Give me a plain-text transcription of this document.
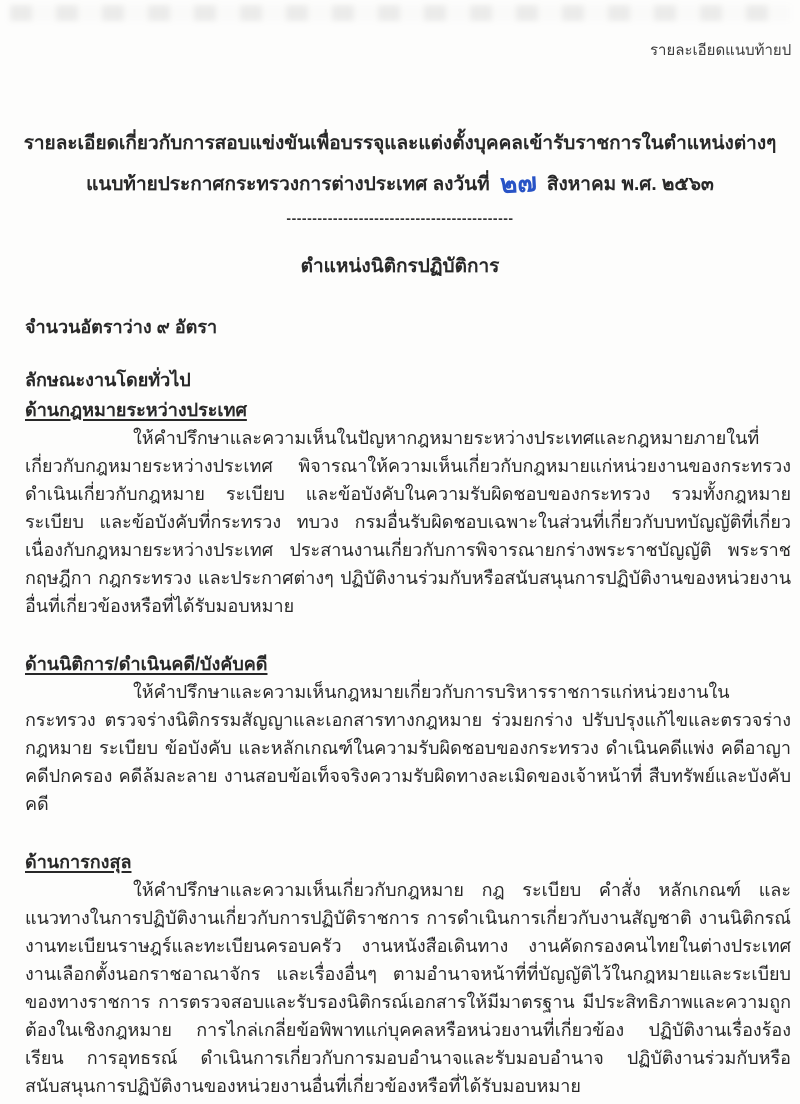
รายละเอียดแนบท้ายป
รายละเอียดเกี่ยวกับการสอบแข่งขันเพื่อบรรจุและแต่งตั้งบุคคลเข้ารับราชการในตำแหน่งต่างๆ
แนบท้ายประกาศกระทรวงการต่างประเทศ ลงวันที่ ๒๗ สิงหาคม พ.ศ. ๒๕๖๓
--------------------------------------------
ตำแหน่งนิติกรปฏิบัติการ
จำนวนอัตราว่าง ๙ อัตรา
ลักษณะงานโดยทั่วไป
ด้านกฎหมายระหว่างประเทศ

ให้คำปรึกษาและความเห็นในปัญหากฎหมายระหว่างประเทศและกฎหมายภายในที่เกี่ยวกับกฎหมายระหว่างประเทศ พิจารณาให้ความเห็นเกี่ยวกับกฎหมายแก่หน่วยงานของกระทรวง ดำเนินเกี่ยวกับกฎหมาย ระเบียบ และข้อบังคับในความรับผิดชอบของกระทรวง รวมทั้งกฎหมาย ระเบียบ และข้อบังคับที่กระทรวง ทบวง กรมอื่นรับผิดชอบเฉพาะในส่วนที่เกี่ยวกับบทบัญญัติที่เกี่ยวเนื่องกับกฎหมายระหว่างประเทศ ประสานงานเกี่ยวกับการพิจารณายกร่างพระราชบัญญัติ พระราชกฤษฎีกา กฎกระทรวง และประกาศต่างๆ ปฏิบัติงานร่วมกับหรือสนับสนุนการปฏิบัติงานของหน่วยงานอื่นที่เกี่ยวข้องหรือที่ได้รับมอบหมาย

ด้านนิติการ/ดำเนินคดี/บังคับคดี

ให้คำปรึกษาและความเห็นกฎหมายเกี่ยวกับการบริหารราชการแก่หน่วยงานในกระทรวง ตรวจร่างนิติกรรมสัญญาและเอกสารทางกฎหมาย ร่วมยกร่าง ปรับปรุงแก้ไขและตรวจร่างกฎหมาย ระเบียบ ข้อบังคับ และหลักเกณฑ์ในความรับผิดชอบของกระทรวง ดำเนินคดีแพ่ง คดีอาญา คดีปกครอง คดีล้มละลาย งานสอบข้อเท็จจริงความรับผิดทางละเมิดของเจ้าหน้าที่ สืบทรัพย์และบังคับคดี

ด้านการกงสุล

ให้คำปรึกษาและความเห็นเกี่ยวกับกฎหมาย กฎ ระเบียบ คำสั่ง หลักเกณฑ์ และแนวทางในการปฏิบัติงานเกี่ยวกับการปฏิบัติราชการ การดำเนินการเกี่ยวกับงานสัญชาติ งานนิติกรณ์ งานทะเบียนราษฎร์และทะเบียนครอบครัว งานหนังสือเดินทาง งานคัดกรองคนไทยในต่างประเทศ งานเลือกตั้งนอกราชอาณาจักร และเรื่องอื่นๆ ตามอำนาจหน้าที่ที่บัญญัติไว้ในกฎหมายและระเบียบของทางราชการ การตรวจสอบและรับรองนิติกรณ์เอกสารให้มีมาตรฐาน มีประสิทธิภาพและความถูกต้องในเชิงกฎหมาย การไกล่เกลี่ยข้อพิพาทแก่บุคคลหรือหน่วยงานที่เกี่ยวข้อง ปฏิบัติงานเรื่องร้องเรียน การอุทธรณ์ ดำเนินการเกี่ยวกับการมอบอำนาจและรับมอบอำนาจ ปฏิบัติงานร่วมกับหรือสนับสนุนการปฏิบัติงานของหน่วยงานอื่นที่เกี่ยวข้องหรือที่ได้รับมอบหมาย
